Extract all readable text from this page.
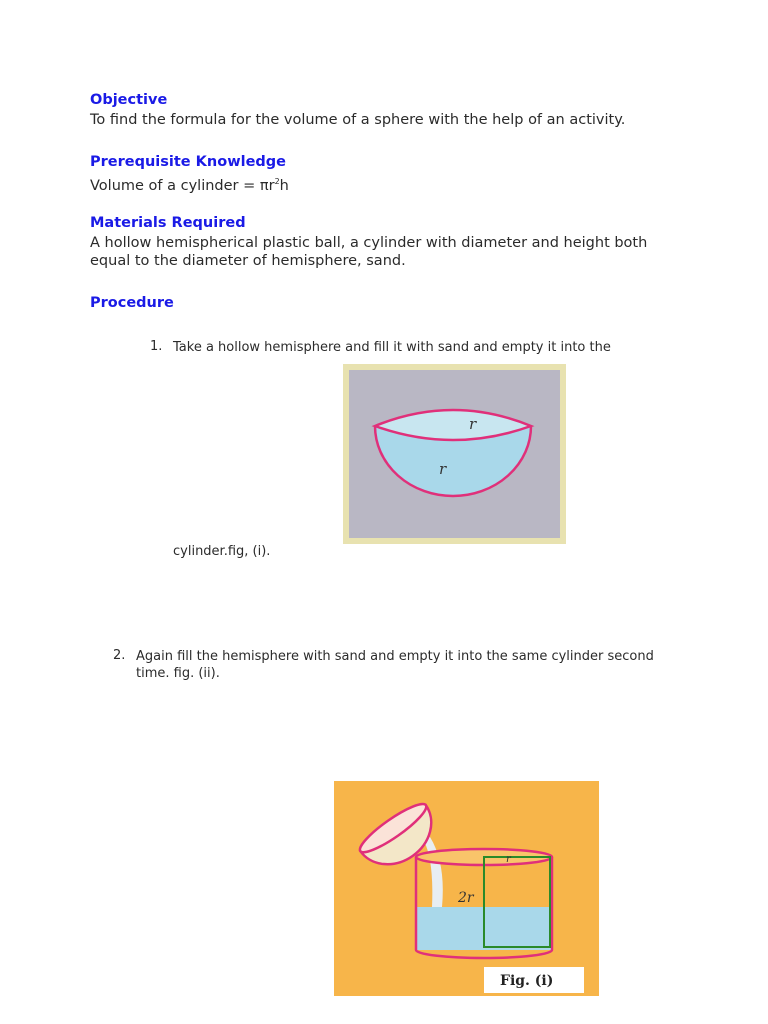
Objective

To find the formula for the volume of a sphere with the help of an activity.

Prerequisite Knowledge

Volume of a cylinder = $\pi r^2h$

Materials Required

A hollow hemispherical plastic ball, a cylinder with diameter and height both equal to the diameter of hemisphere, sand.

Procedure
1. Take a hollow hemisphere and fill it with sand and empty it into the

r
r

cylinder.fig, (i).

2. Again fill the hemisphere with sand and empty it into the same cylinder second time. fig. (ii).

2r
r
Fig. (i)
